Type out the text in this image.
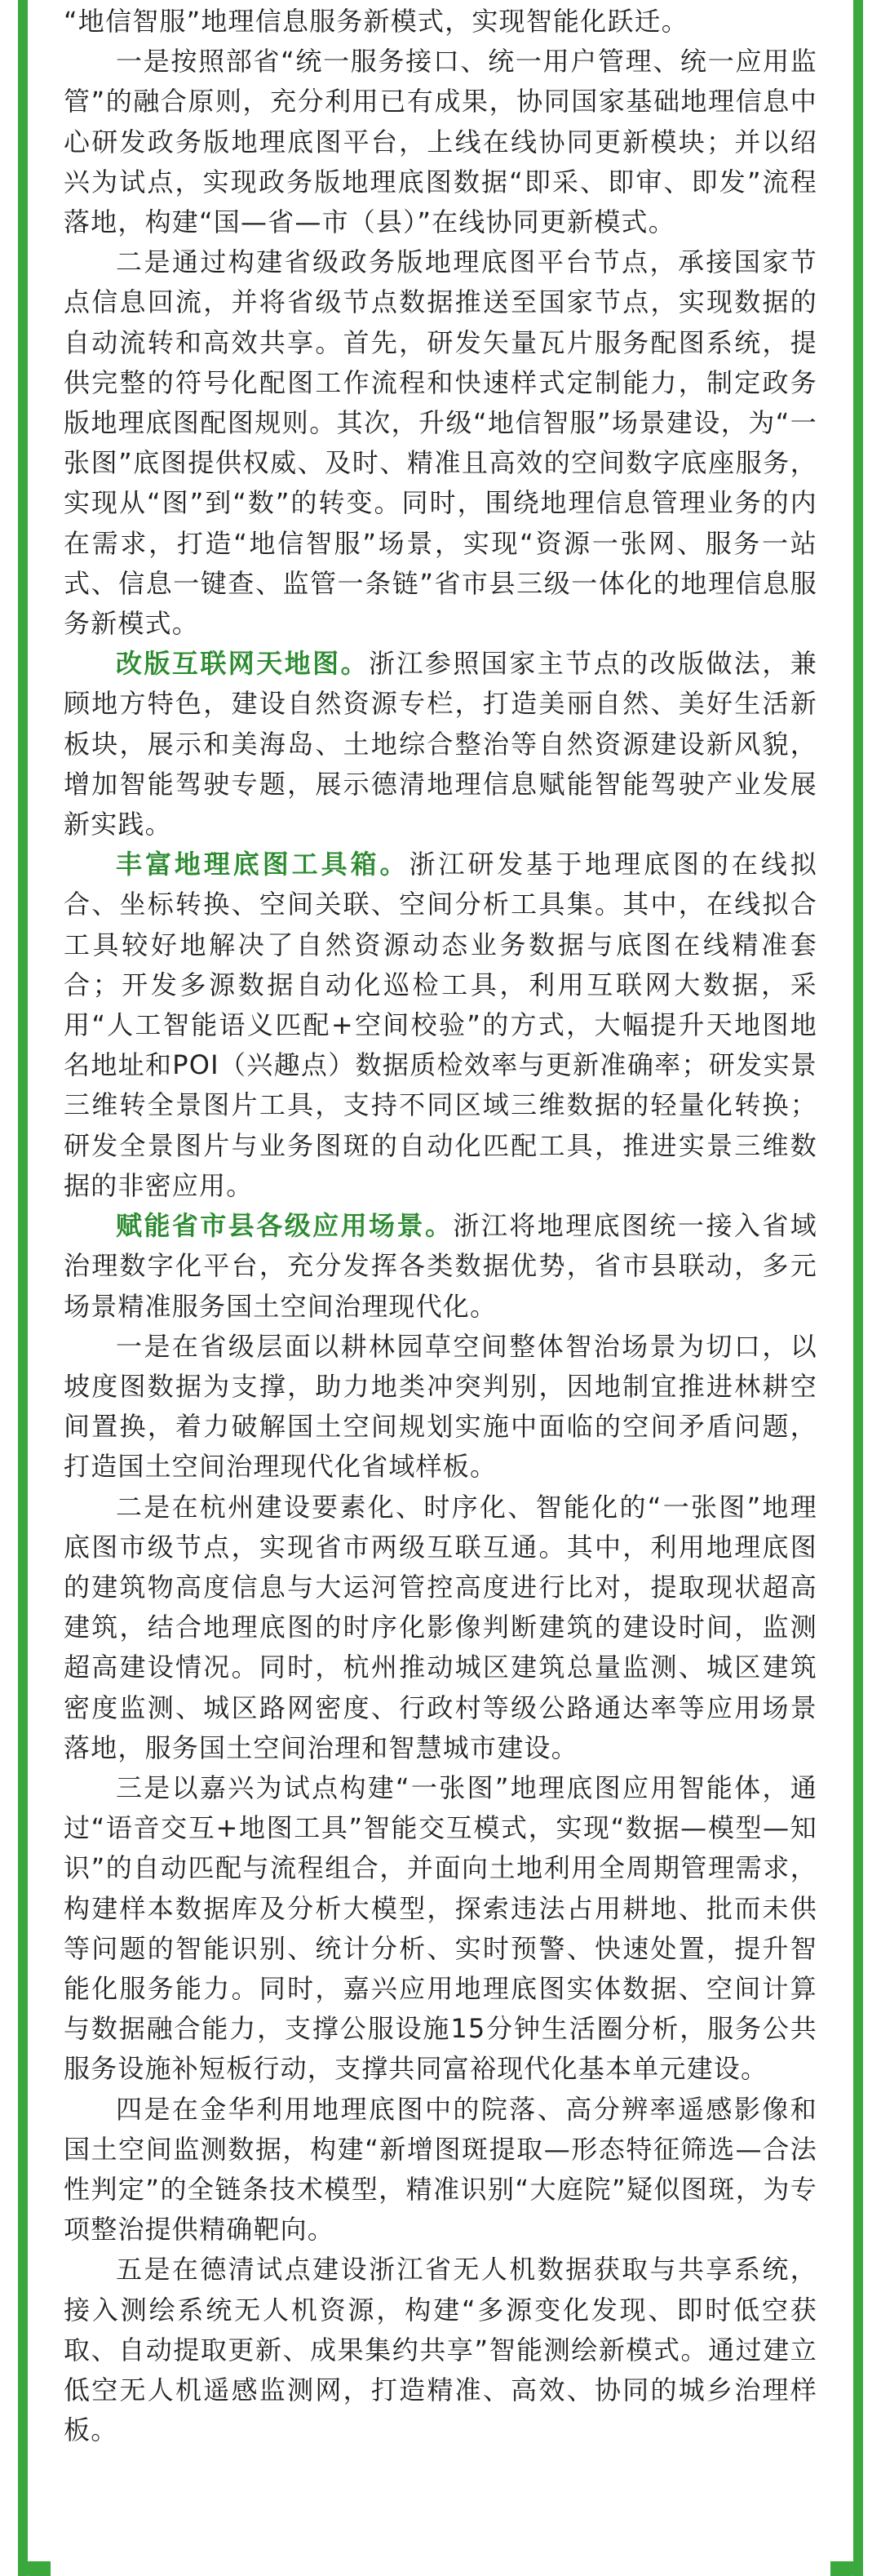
“地信智服”地理信息服务新模式，实现智能化跃迁。

一是按照部省“统一服务接口、统一用户管理、统一应用监管”的融合原则，充分利用已有成果，协同国家基础地理信息中心研发政务版地理底图平台，上线在线协同更新模块；并以绍兴为试点，实现政务版地理底图数据“即采、即审、即发”流程落地，构建“国—省—市（县）”在线协同更新模式。

二是通过构建省级政务版地理底图平台节点，承接国家节点信息回流，并将省级节点数据推送至国家节点，实现数据的自动流转和高效共享。首先，研发矢量瓦片服务配图系统，提供完整的符号化配图工作流程和快速样式定制能力，制定政务版地理底图配图规则。其次，升级“地信智服”场景建设，为“一张图”底图提供权威、及时、精准且高效的空间数字底座服务，实现从“图”到“数”的转变。同时，围绕地理信息管理业务的内在需求，打造“地信智服”场景，实现“资源一张网、服务一站式、信息一键查、监管一条链”省市县三级一体化的地理信息服务新模式。

改版互联网天地图。浙江参照国家主节点的改版做法，兼顾地方特色，建设自然资源专栏，打造美丽自然、美好生活新板块，展示和美海岛、土地综合整治等自然资源建设新风貌，增加智能驾驶专题，展示德清地理信息赋能智能驾驶产业发展新实践。

丰富地理底图工具箱。浙江研发基于地理底图的在线拟合、坐标转换、空间关联、空间分析工具集。其中，在线拟合工具较好地解决了自然资源动态业务数据与底图在线精准套合；开发多源数据自动化巡检工具，利用互联网大数据，采用“人工智能语义匹配+空间校验”的方式，大幅提升天地图地名地址和POI（兴趣点）数据质检效率与更新准确率；研发实景三维转全景图片工具，支持不同区域三维数据的轻量化转换；研发全景图片与业务图斑的自动化匹配工具，推进实景三维数据的非密应用。

赋能省市县各级应用场景。浙江将地理底图统一接入省域治理数字化平台，充分发挥各类数据优势，省市县联动，多元场景精准服务国土空间治理现代化。

一是在省级层面以耕林园草空间整体智治场景为切口，以坡度图数据为支撑，助力地类冲突判别，因地制宜推进林耕空间置换，着力破解国土空间规划实施中面临的空间矛盾问题，打造国土空间治理现代化省域样板。

二是在杭州建设要素化、时序化、智能化的“一张图”地理底图市级节点，实现省市两级互联互通。其中，利用地理底图的建筑物高度信息与大运河管控高度进行比对，提取现状超高建筑，结合地理底图的时序化影像判断建筑的建设时间，监测超高建设情况。同时，杭州推动城区建筑总量监测、城区建筑密度监测、城区路网密度、行政村等级公路通达率等应用场景落地，服务国土空间治理和智慧城市建设。

三是以嘉兴为试点构建“一张图”地理底图应用智能体，通过“语音交互+地图工具”智能交互模式，实现“数据—模型—知识”的自动匹配与流程组合，并面向土地利用全周期管理需求，构建样本数据库及分析大模型，探索违法占用耕地、批而未供等问题的智能识别、统计分析、实时预警、快速处置，提升智能化服务能力。同时，嘉兴应用地理底图实体数据、空间计算与数据融合能力，支撑公服设施15分钟生活圈分析，服务公共服务设施补短板行动，支撑共同富裕现代化基本单元建设。

四是在金华利用地理底图中的院落、高分辨率遥感影像和国土空间监测数据，构建“新增图斑提取—形态特征筛选—合法性判定”的全链条技术模型，精准识别“大庭院”疑似图斑，为专项整治提供精确靶向。

五是在德清试点建设浙江省无人机数据获取与共享系统，接入测绘系统无人机资源，构建“多源变化发现、即时低空获取、自动提取更新、成果集约共享”智能测绘新模式。通过建立低空无人机遥感监测网，打造精准、高效、协同的城乡治理样板。
